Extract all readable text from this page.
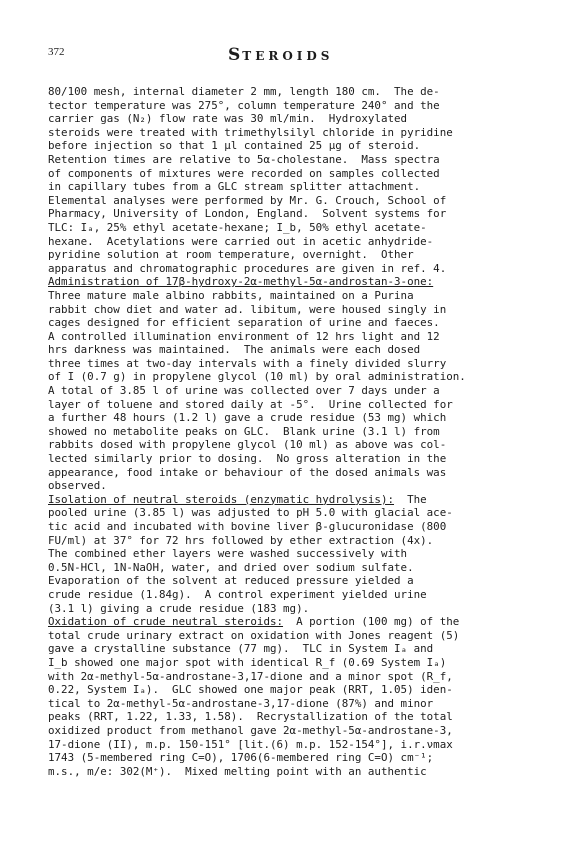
372	STEROIDS
80/100 mesh, internal diameter 2 mm, length 180 cm.  The de-
tector temperature was 275°, column temperature 240° and the
carrier gas (N₂) flow rate was 30 ml/min.  Hydroxylated
steroids were treated with trimethylsilyl chloride in pyridine
before injection so that 1 μl contained 25 μg of steroid.
Retention times are relative to 5α-cholestane.  Mass spectra
of components of mixtures were recorded on samples collected
in capillary tubes from a GLC stream splitter attachment.
Elemental analyses were performed by Mr. G. Crouch, School of
Pharmacy, University of London, England.  Solvent systems for
TLC: Iₐ, 25% ethyl acetate-hexane; I_b, 50% ethyl acetate-
hexane.  Acetylations were carried out in acetic anhydride-
pyridine solution at room temperature, overnight.  Other
apparatus and chromatographic procedures are given in ref. 4.
Administration of 17β-hydroxy-2α-methyl-5α-androstan-3-one:
Three mature male albino rabbits, maintained on a Purina
rabbit chow diet and water ad. libitum, were housed singly in
cages designed for efficient separation of urine and faeces.
A controlled illumination environment of 12 hrs light and 12
hrs darkness was maintained.  The animals were each dosed
three times at two-day intervals with a finely divided slurry
of I (0.7 g) in propylene glycol (10 ml) by oral administration.
A total of 3.85 l of urine was collected over 7 days under a
layer of toluene and stored daily at -5°.  Urine collected for
a further 48 hours (1.2 l) gave a crude residue (53 mg) which
showed no metabolite peaks on GLC.  Blank urine (3.1 l) from
rabbits dosed with propylene glycol (10 ml) as above was col-
lected similarly prior to dosing.  No gross alteration in the
appearance, food intake or behaviour of the dosed animals was
observed.
Isolation of neutral steroids (enzymatic hydrolysis):  The
pooled urine (3.85 l) was adjusted to pH 5.0 with glacial ace-
tic acid and incubated with bovine liver β-glucuronidase (800
FU/ml) at 37° for 72 hrs followed by ether extraction (4x).
The combined ether layers were washed successively with
0.5N-HCl, 1N-NaOH, water, and dried over sodium sulfate.
Evaporation of the solvent at reduced pressure yielded a
crude residue (1.84g).  A control experiment yielded urine
(3.1 l) giving a crude residue (183 mg).
Oxidation of crude neutral steroids:  A portion (100 mg) of the
total crude urinary extract on oxidation with Jones reagent (5)
gave a crystalline substance (77 mg).  TLC in System Iₐ and
I_b showed one major spot with identical R_f (0.69 System Iₐ)
with 2α-methyl-5α-androstane-3,17-dione and a minor spot (R_f,
0.22, System Iₐ).  GLC showed one major peak (RRT, 1.05) iden-
tical to 2α-methyl-5α-androstane-3,17-dione (87%) and minor
peaks (RRT, 1.22, 1.33, 1.58).  Recrystallization of the total
oxidized product from methanol gave 2α-methyl-5α-androstane-3,
17-dione (II), m.p. 150-151° [lit.(6) m.p. 152-154°], i.r.νmax
1743 (5-membered ring C=O), 1706(6-membered ring C=O) cm⁻¹;
m.s., m/e: 302(M⁺).  Mixed melting point with an authentic
